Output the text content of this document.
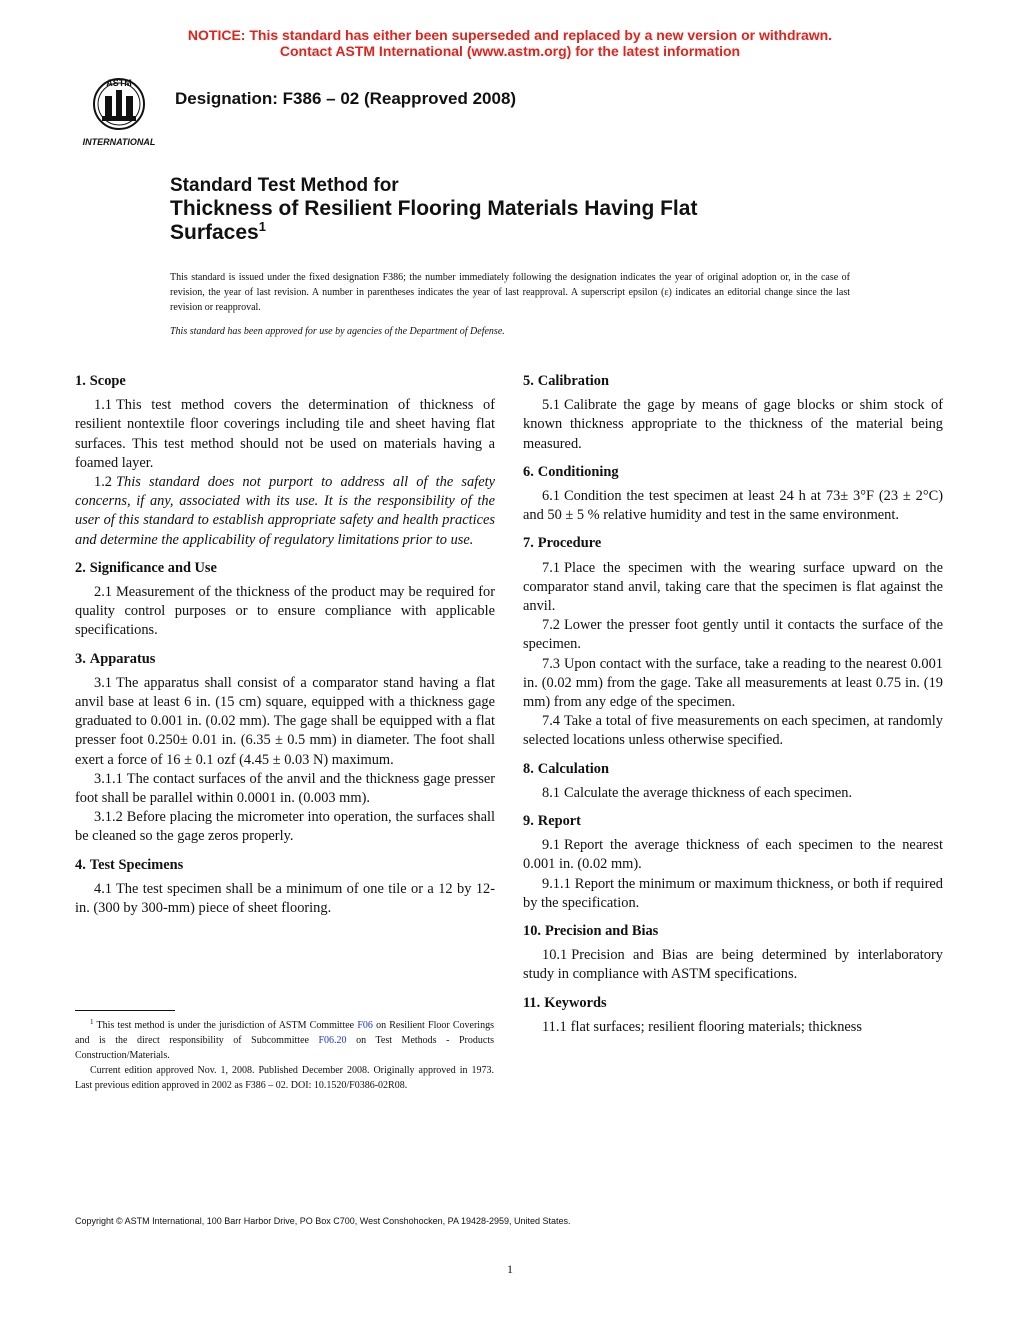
NOTICE: This standard has either been superseded and replaced by a new version or withdrawn.
Contact ASTM International (www.astm.org) for the latest information
ASTM
INTERNATIONAL
Designation: F386 – 02 (Reapproved 2008)
Standard Test Method for
Thickness of Resilient Flooring Materials Having Flat
Surfaces$^1$
This standard is issued under the fixed designation F386; the number immediately following the designation indicates the year of original adoption or, in the case of revision, the year of last revision. A number in parentheses indicates the year of last reapproval. A superscript epsilon (ε) indicates an editorial change since the last revision or reapproval.
This standard has been approved for use by agencies of the Department of Defense.
1. Scope

1.1 This test method covers the determination of thickness of resilient nontextile floor coverings including tile and sheet having flat surfaces. This test method should not be used on materials having a foamed layer.

1.2 This standard does not purport to address all of the safety concerns, if any, associated with its use. It is the responsibility of the user of this standard to establish appropriate safety and health practices and determine the applicability of regulatory limitations prior to use.

2. Significance and Use

2.1 Measurement of the thickness of the product may be required for quality control purposes or to ensure compliance with applicable specifications.

3. Apparatus

3.1 The apparatus shall consist of a comparator stand having a flat anvil base at least 6 in. (15 cm) square, equipped with a thickness gage graduated to 0.001 in. (0.02 mm). The gage shall be equipped with a flat presser foot 0.250± 0.01 in. (6.35 ± 0.5 mm) in diameter. The foot shall exert a force of 16 ± 0.1 ozf (4.45 ± 0.03 N) maximum.

3.1.1 The contact surfaces of the anvil and the thickness gage presser foot shall be parallel within 0.0001 in. (0.003 mm).

3.1.2 Before placing the micrometer into operation, the surfaces shall be cleaned so the gage zeros properly.

4. Test Specimens

4.1 The test specimen shall be a minimum of one tile or a 12 by 12-in. (300 by 300-mm) piece of sheet flooring.

5. Calibration

5.1 Calibrate the gage by means of gage blocks or shim stock of known thickness appropriate to the thickness of the material being measured.

6. Conditioning

6.1 Condition the test specimen at least 24 h at 73± 3°F (23 ± 2°C) and 50 ± 5 % relative humidity and test in the same environment.

7. Procedure

7.1 Place the specimen with the wearing surface upward on the comparator stand anvil, taking care that the specimen is flat against the anvil.

7.2 Lower the presser foot gently until it contacts the surface of the specimen.

7.3 Upon contact with the surface, take a reading to the nearest 0.001 in. (0.02 mm) from the gage. Take all measurements at least 0.75 in. (19 mm) from any edge of the specimen.

7.4 Take a total of five measurements on each specimen, at randomly selected locations unless otherwise specified.

8. Calculation

8.1 Calculate the average thickness of each specimen.

9. Report

9.1 Report the average thickness of each specimen to the nearest 0.001 in. (0.02 mm).

9.1.1 Report the minimum or maximum thickness, or both if required by the specification.

10. Precision and Bias

10.1 Precision and Bias are being determined by interlaboratory study in compliance with ASTM specifications.

11. Keywords

11.1 flat surfaces; resilient flooring materials; thickness

$^1$ This test method is under the jurisdiction of ASTM Committee F06 on Resilient Floor Coverings and is the direct responsibility of Subcommittee F06.20 on Test Methods - Products Construction/Materials.

Current edition approved Nov. 1, 2008. Published December 2008. Originally approved in 1973. Last previous edition approved in 2002 as F386 – 02. DOI: 10.1520/F0386-02R08.

Copyright © ASTM International, 100 Barr Harbor Drive, PO Box C700, West Conshohocken, PA 19428-2959, United States.
1
